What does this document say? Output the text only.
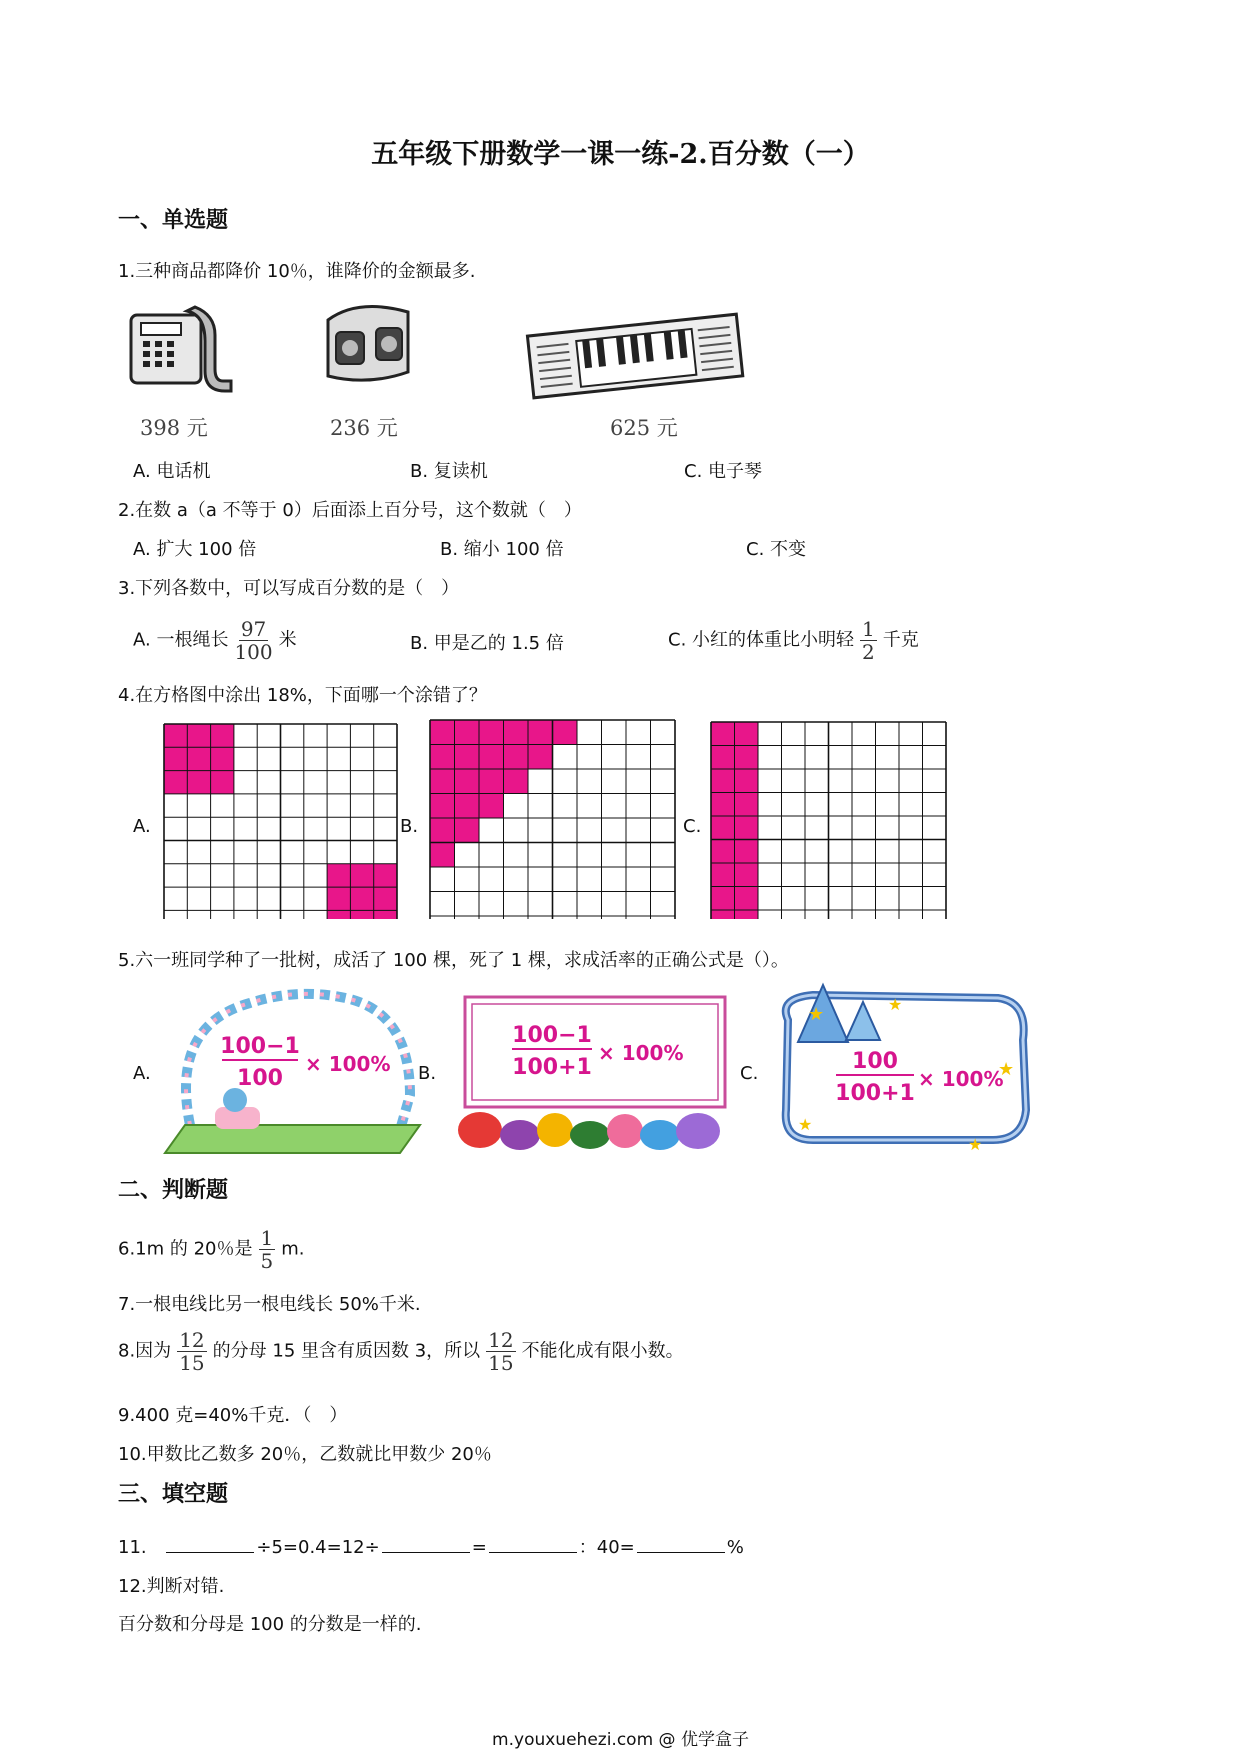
五年级下册数学一课一练-2.百分数（一）
一、单选题
1.三种商品都降价 10％，谁降价的金额最多.
398 元	236 元	625 元
A. 电话机	B. 复读机	C. 电子琴
2.在数 a（a 不等于 0）后面添上百分号，这个数就（　）
A. 扩大 100 倍	B. 缩小 100 倍	C. 不变
3.下列各数中，可以写成百分数的是（　）
A. 一根绳长 $\frac{97}{100}$ 米	B. 甲是乙的 1.5 倍	C. 小红的体重比小明轻 $\frac{1}{2}$ 千克
4.在方格图中涂出 18%，下面哪一个涂错了？
A.	B.	C.
5.六一班同学种了一批树，成活了 100 棵，死了 1 棵，求成活率的正确公式是（）。
A.	B.	C.
100−1
100
× 100%
100−1
100+1
× 100%
★	★
★
★
★
100
100+1
× 100%
二、判断题
6.1m 的 20％是 $\frac{1}{5} m$.
7.一根电线比另一根电线长 50%千米.
8.因为 $\frac{12}{15}$ 的分母 15 里含有质因数 3，所以 $\frac{12}{15}$ 不能化成有限小数。
9.400 克=40%千克．（　）
10.甲数比乙数多 20％，乙数就比甲数少 20％
三、填空题
11.	÷5=0.4=12÷	=	：40=	%
12.判断对错.
百分数和分母是 100 的分数是一样的.
m.youxuehezi.com @ 优学盒子
